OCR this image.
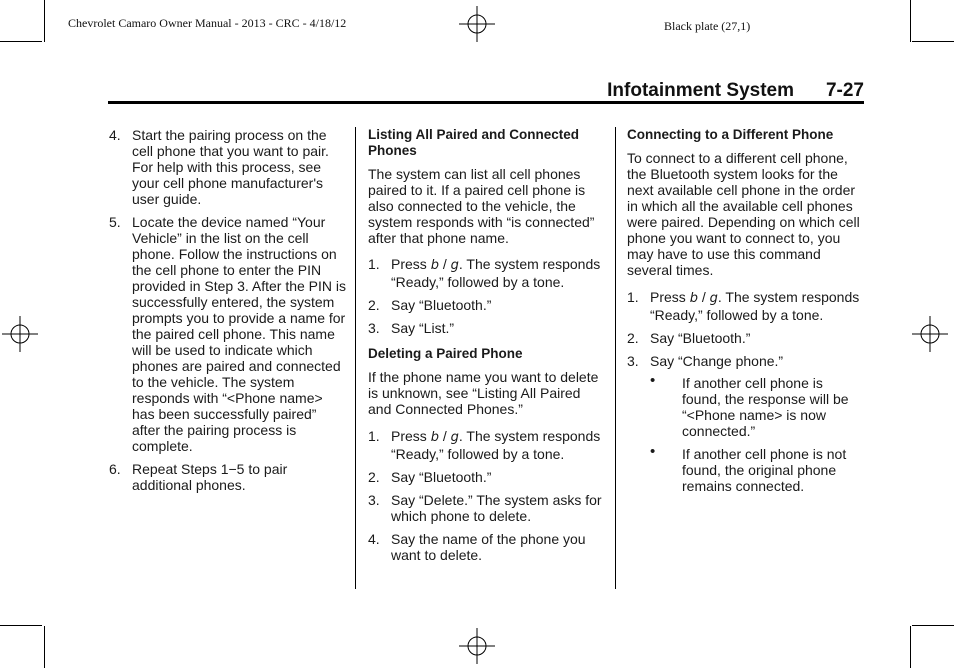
Chevrolet Camaro Owner Manual - 2013 - CRC - 4/18/12	Black plate (27,1)
Infotainment System 7-27
4. Start the pairing process on the cell phone that you want to pair. For help with this process, see your cell phone manufacturer's user guide.

5. Locate the device named “Your Vehicle” in the list on the cell phone. Follow the instructions on the cell phone to enter the PIN provided in Step 3. After the PIN is successfully entered, the system prompts you to provide a name for the paired cell phone. This name will be used to indicate which phones are paired and connected to the vehicle. The system responds with “<Phone name> has been successfully paired” after the pairing process is complete.

6. Repeat Steps 1−5 to pair additional phones.

Listing All Paired and Connected Phones

The system can list all cell phones paired to it. If a paired cell phone is also connected to the vehicle, the system responds with “is connected” after that phone name.

1. Press b / g. The system responds “Ready,” followed by a tone.

2. Say “Bluetooth.”

3. Say “List.”

Deleting a Paired Phone

If the phone name you want to delete is unknown, see “Listing All Paired and Connected Phones.”

1. Press b / g. The system responds “Ready,” followed by a tone.

2. Say “Bluetooth.”

3. Say “Delete.” The system asks for which phone to delete.

4. Say the name of the phone you want to delete.

Connecting to a Different Phone

To connect to a different cell phone, the Bluetooth system looks for the next available cell phone in the order in which all the available cell phones were paired. Depending on which cell phone you want to connect to, you may have to use this command several times.

1. Press b / g. The system responds “Ready,” followed by a tone.

2. Say “Bluetooth.”

3. Say “Change phone.”

• If another cell phone is found, the response will be “<Phone name> is now connected.”

• If another cell phone is not found, the original phone remains connected.
